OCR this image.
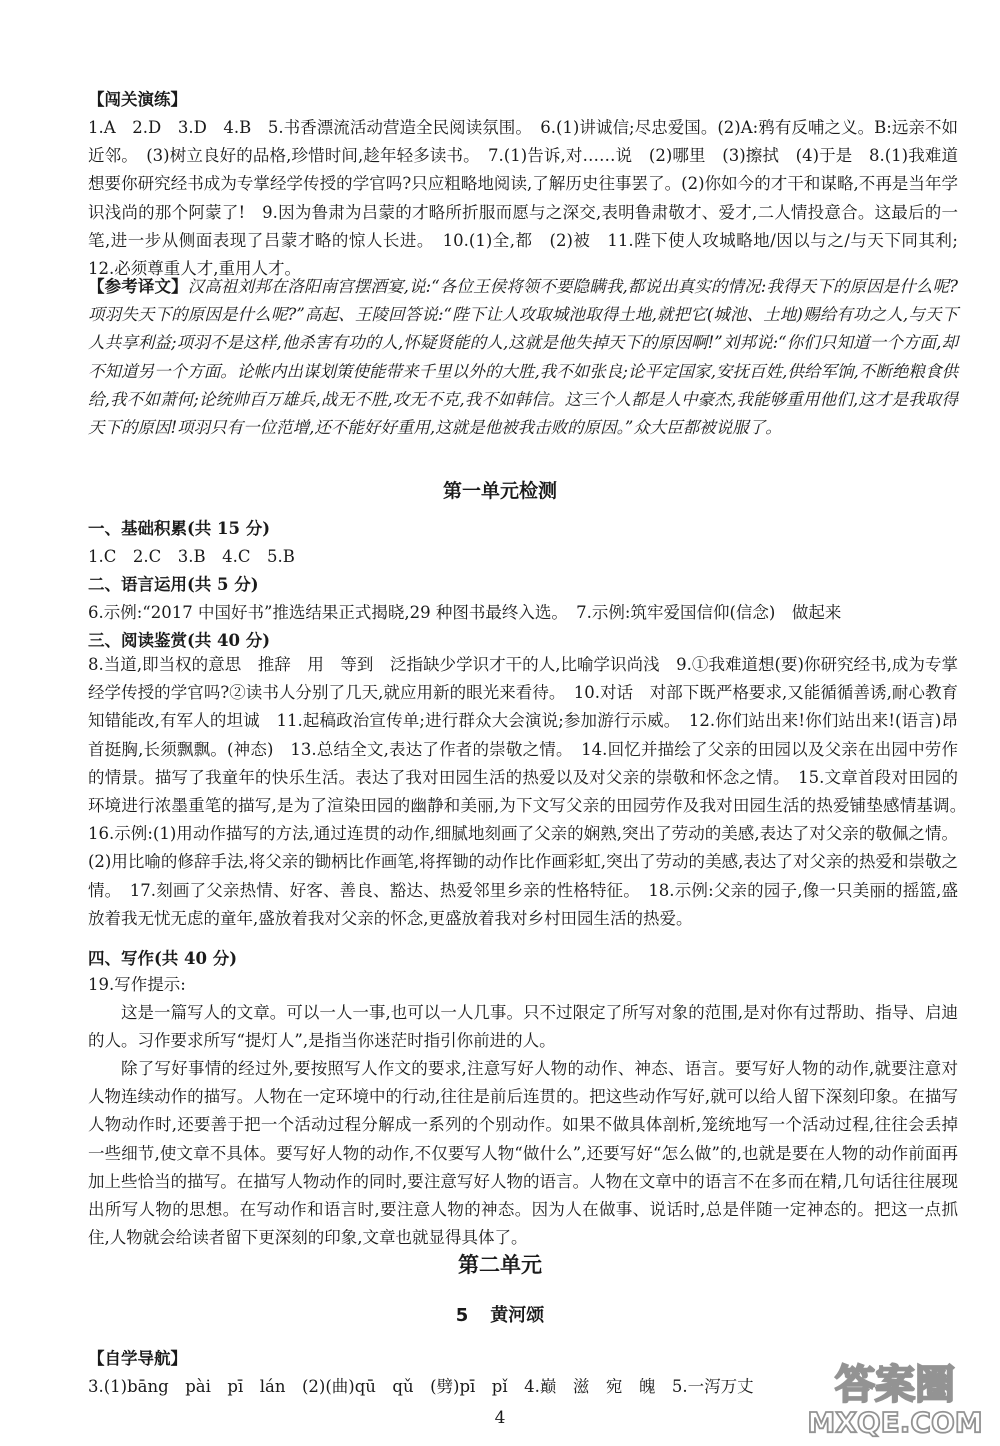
【闯关演练】

1.A　2.D　3.D　4.B　5.书香漂流活动营造全民阅读氛围。　6.(1)讲诚信;尽忠爱国。(2)A:鸦有反哺之义。B:远亲不如近邻。　(3)树立良好的品格,珍惜时间,趁年轻多读书。　7.(1)告诉,对……说　(2)哪里　(3)擦拭　(4)于是　8.(1)我难道想要你研究经书成为专掌经学传授的学官吗?只应粗略地阅读,了解历史往事罢了。(2)你如今的才干和谋略,不再是当年学识浅尚的那个阿蒙了!　9.因为鲁肃为吕蒙的才略所折服而愿与之深交,表明鲁肃敬才、爱才,二人情投意合。这最后的一笔,进一步从侧面表现了吕蒙才略的惊人长进。　10.(1)全,都　(2)被　11.陛下使人攻城略地/因以与之/与天下同其利;　12.必须尊重人才,重用人才。

【参考译文】汉高祖刘邦在洛阳南宫摆酒宴,说:“各位王侯将领不要隐瞒我,都说出真实的情况:我得天下的原因是什么呢?项羽失天下的原因是什么呢?”高起、王陵回答说:“陛下让人攻取城池取得土地,就把它(城池、土地)赐给有功之人,与天下人共享利益;项羽不是这样,他杀害有功的人,怀疑贤能的人,这就是他失掉天下的原因啊!”刘邦说:“你们只知道一个方面,却不知道另一个方面。论帐内出谋划策使能带来千里以外的大胜,我不如张良;论平定国家,安抚百姓,供给军饷,不断绝粮食供给,我不如萧何;论统帅百万雄兵,战无不胜,攻无不克,我不如韩信。这三个人都是人中豪杰,我能够重用他们,这才是我取得天下的原因!项羽只有一位范增,还不能好好重用,这就是他被我击败的原因。”众大臣都被说服了。

第一单元检测

一、基础积累(共 15 分)

1.C　2.C　3.B　4.C　5.B

二、语言运用(共 5 分)

6.示例:“2017 中国好书”推选结果正式揭晓,29 种图书最终入选。　7.示例:筑牢爱国信仰(信念)　做起来

三、阅读鉴赏(共 40 分)

8.当道,即当权的意思　推辞　用　等到　泛指缺少学识才干的人,比喻学识尚浅　9.①我难道想(要)你研究经书,成为专掌经学传授的学官吗?②读书人分别了几天,就应用新的眼光来看待。　10.对话　对部下既严格要求,又能循循善诱,耐心教育　知错能改,有军人的坦诚　11.起稿政治宣传单;进行群众大会演说;参加游行示威。　12.你们站出来!你们站出来!(语言)昂首挺胸,长须飘飘。(神态)　13.总结全文,表达了作者的崇敬之情。　14.回忆并描绘了父亲的田园以及父亲在出园中劳作的情景。描写了我童年的快乐生活。表达了我对田园生活的热爱以及对父亲的崇敬和怀念之情。　15.文章首段对田园的环境进行浓墨重笔的描写,是为了渲染田园的幽静和美丽,为下文写父亲的田园劳作及我对田园生活的热爱铺垫感情基调。　16.示例:(1)用动作描写的方法,通过连贯的动作,细腻地刻画了父亲的娴熟,突出了劳动的美感,表达了对父亲的敬佩之情。(2)用比喻的修辞手法,将父亲的锄柄比作画笔,将挥锄的动作比作画彩虹,突出了劳动的美感,表达了对父亲的热爱和崇敬之情。　17.刻画了父亲热情、好客、善良、豁达、热爱邻里乡亲的性格特征。　18.示例:父亲的园子,像一只美丽的摇篮,盛放着我无忧无虑的童年,盛放着我对父亲的怀念,更盛放着我对乡村田园生活的热爱。

四、写作(共 40 分)

19.写作提示:

这是一篇写人的文章。可以一人一事,也可以一人几事。只不过限定了所写对象的范围,是对你有过帮助、指导、启迪的人。习作要求所写“提灯人”,是指当你迷茫时指引你前进的人。

除了写好事情的经过外,要按照写人作文的要求,注意写好人物的动作、神态、语言。要写好人物的动作,就要注意对人物连续动作的描写。人物在一定环境中的行动,往往是前后连贯的。把这些动作写好,就可以给人留下深刻印象。在描写人物动作时,还要善于把一个活动过程分解成一系列的个别动作。如果不做具体剖析,笼统地写一个活动过程,往往会丢掉一些细节,使文章不具体。要写好人物的动作,不仅要写人物“做什么”,还要写好“怎么做”的,也就是要在人物的动作前面再加上些恰当的描写。在描写人物动作的同时,要注意写好人物的语言。人物在文章中的语言不在多而在精,几句话往往展现出所写人物的思想。在写动作和语言时,要注意人物的神态。因为人在做事、说话时,总是伴随一定神态的。把这一点抓住,人物就会给读者留下更深刻的印象,文章也就显得具体了。

第二单元
5 黄河颂

【自学导航】

3.(1)bāng　pài　pī　lán　(2)(曲)qū　qǔ　(劈)pī　pǐ　4.巅　滋　宛　魄　5.一泻万丈

4

答案圈
MXQE.COM
